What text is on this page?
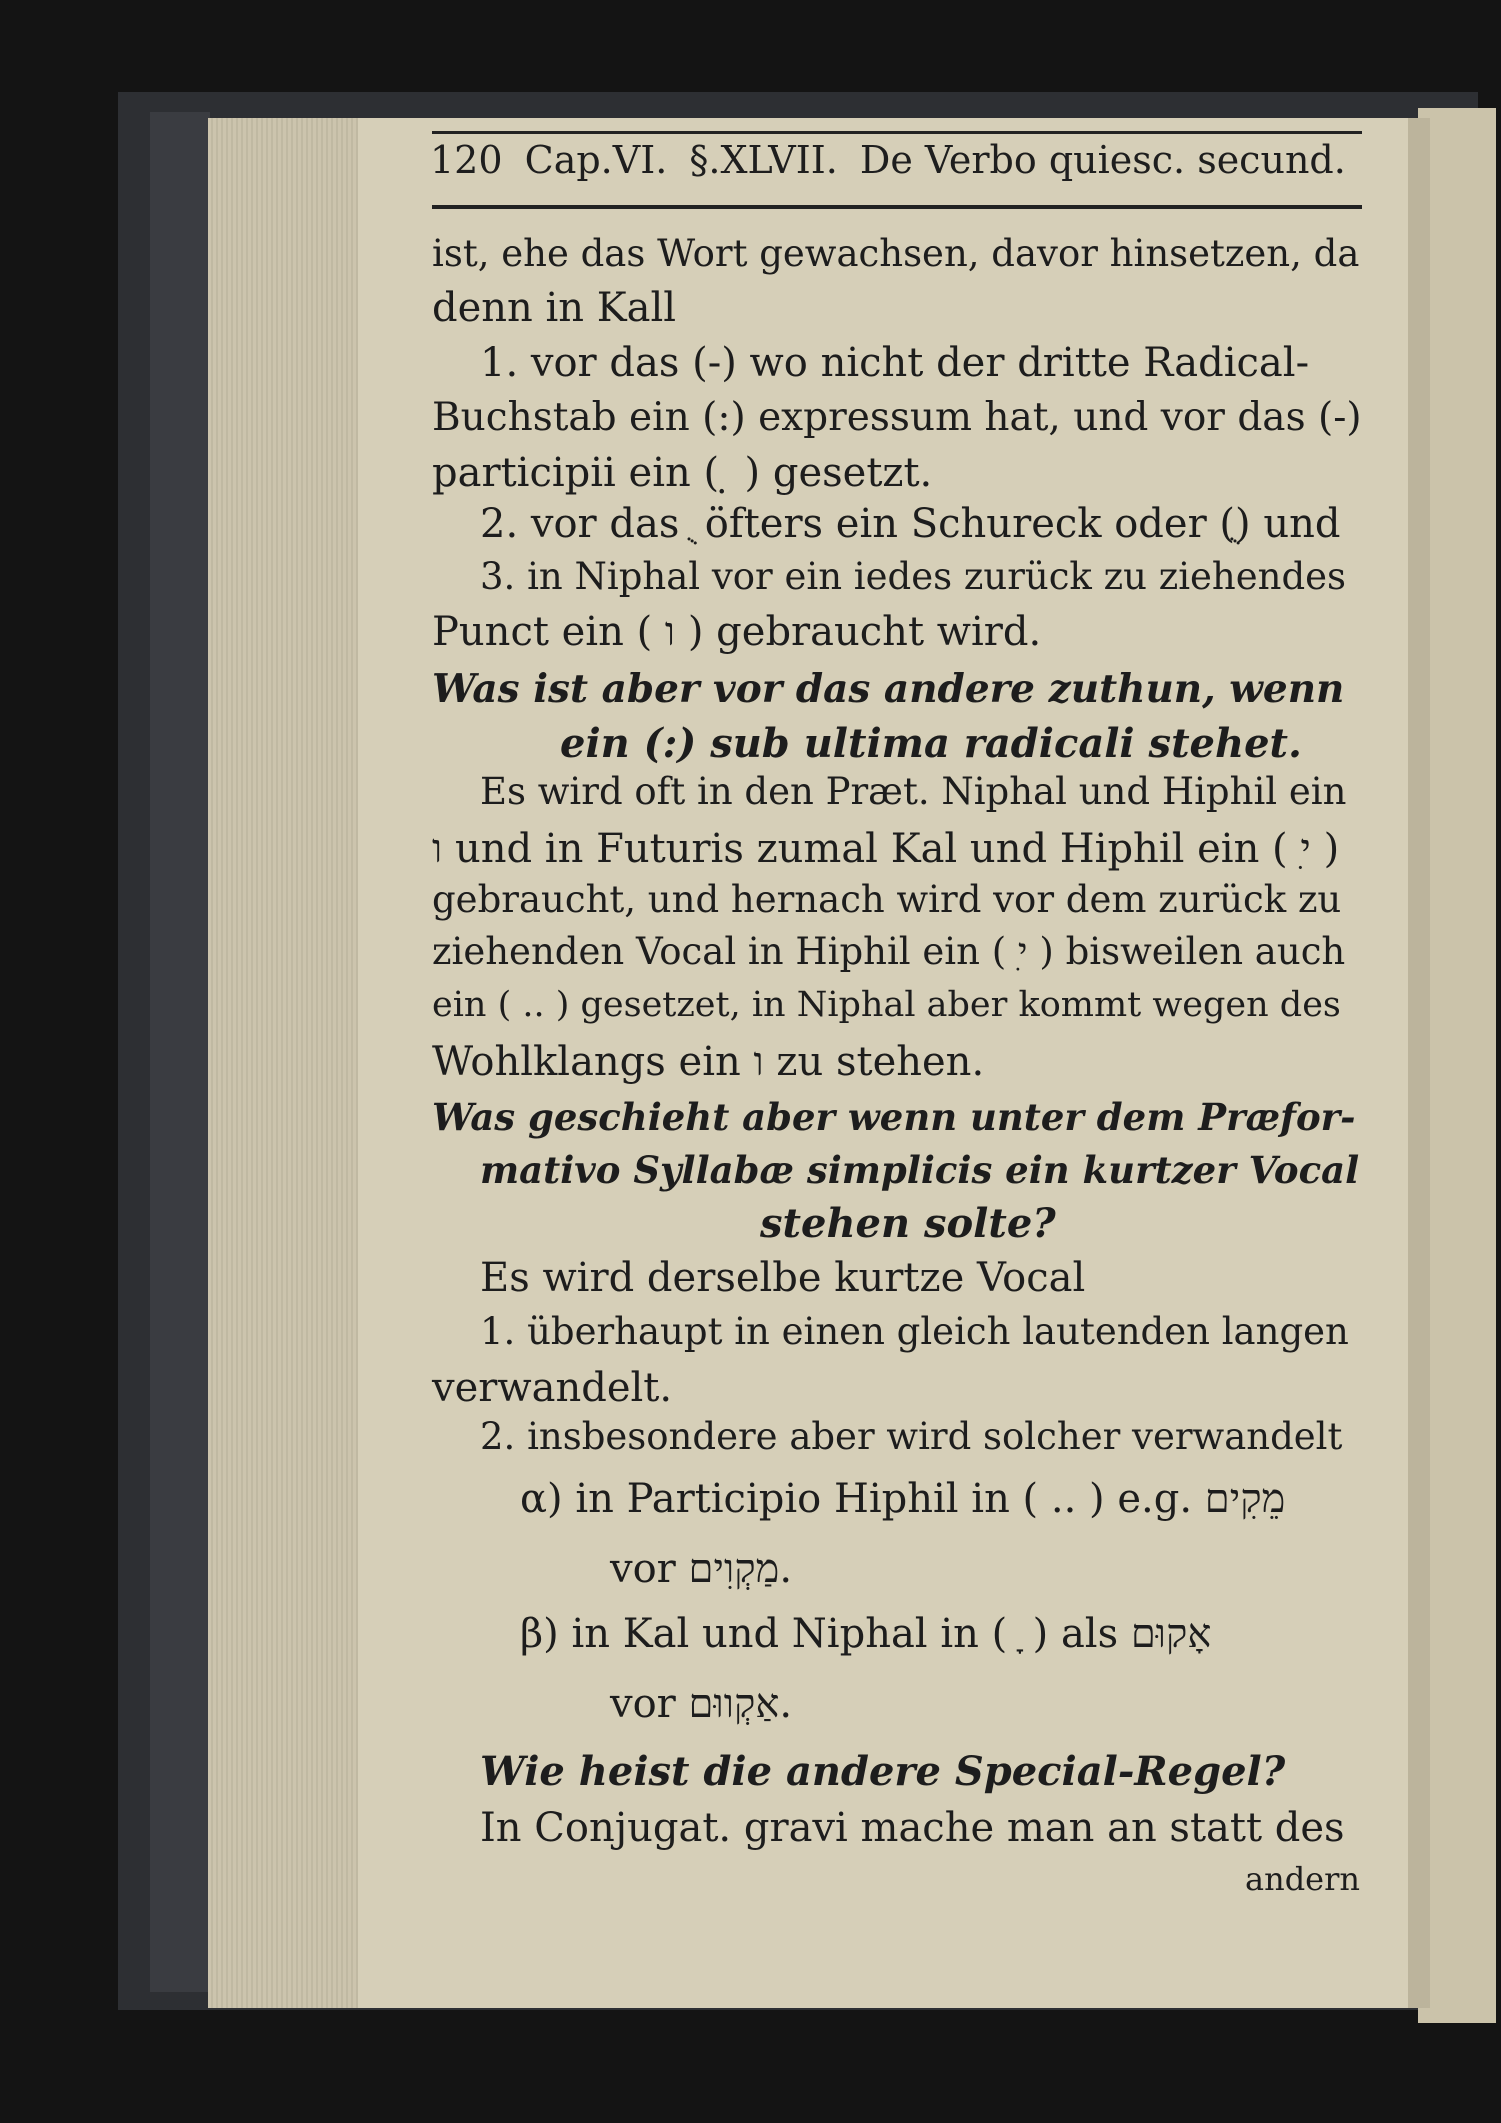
120 Cap.VI. §.XLVII. De Verbo quiesc. secund.
ist, ehe das Wort gewachsen, davor hinsetzen, da
denn in Kall
1. vor das (-) wo nicht der dritte Radical-
Buchstab ein (:) expressum hat, und vor das (-)
participii ein ( ̣ ) gesetzt.
2. vor das ֻ öfters ein Schureck oder (ֻ) und
3. in Niphal vor ein iedes zurück zu ziehendes
Punct ein ( ו ) gebraucht wird.
Was ist aber vor das andere zuthun, wenn
ein (:) sub ultima radicali stehet.
Es wird oft in den Præt. Niphal und Hiphil ein
ו und in Futuris zumal Kal und Hiphil ein ( ִי )
gebraucht, und hernach wird vor dem zurück zu
ziehenden Vocal in Hiphil ein ( ִי ) bisweilen auch
ein ( .. ) gesetzet, in Niphal aber kommt wegen des
Wohlklangs ein ו zu stehen.
Was geschieht aber wenn unter dem Præfor-
mativo Syllabæ simplicis ein kurtzer Vocal
stehen solte?
Es wird derselbe kurtze Vocal
1. überhaupt in einen gleich lautenden langen
verwandelt.
2. insbesondere aber wird solcher verwandelt
α) in Participio Hiphil in ( .. ) e.g. מֵקִים
vor מַקְוִים.
β) in Kal und Niphal in ( ָ ) als אָקוּם
vor אַקְווּם.
Wie heist die andere Special-Regel?
In Conjugat. gravi mache man an statt des
andern
